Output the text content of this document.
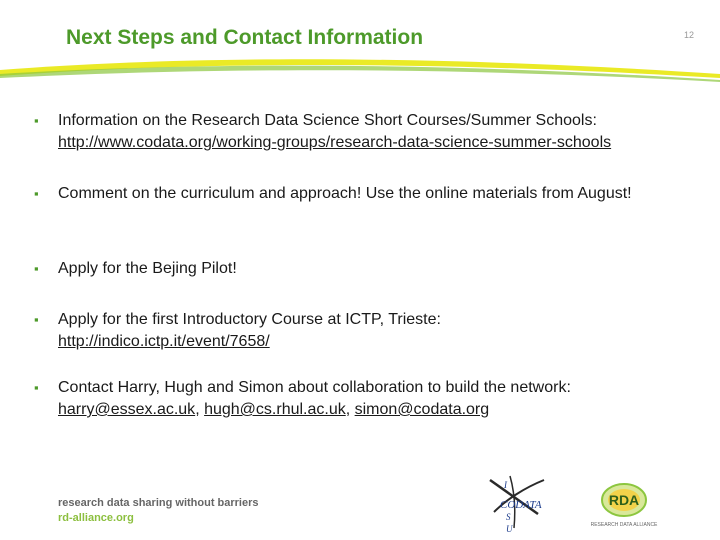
Next Steps and Contact Information	12
▪ Information on the Research Data Science Short Courses/Summer Schools:
http://www.codata.org/working-groups/research-data-science-summer-schools
▪ Comment on the curriculum and approach! Use the online materials from August!
▪ Apply for the Bejing Pilot!
▪ Apply for the first Introductory Course at ICTP, Trieste:
http://indico.ictp.it/event/7658/
▪ Contact Harry, Hugh and Simon about collaboration to build the network:
harry@essex.ac.uk, hugh@cs.rhul.ac.uk, simon@codata.org
research data sharing without barriers
rd-alliance.org
CODATA
I
S
U
RDA
RESEARCH DATA ALLIANCE
